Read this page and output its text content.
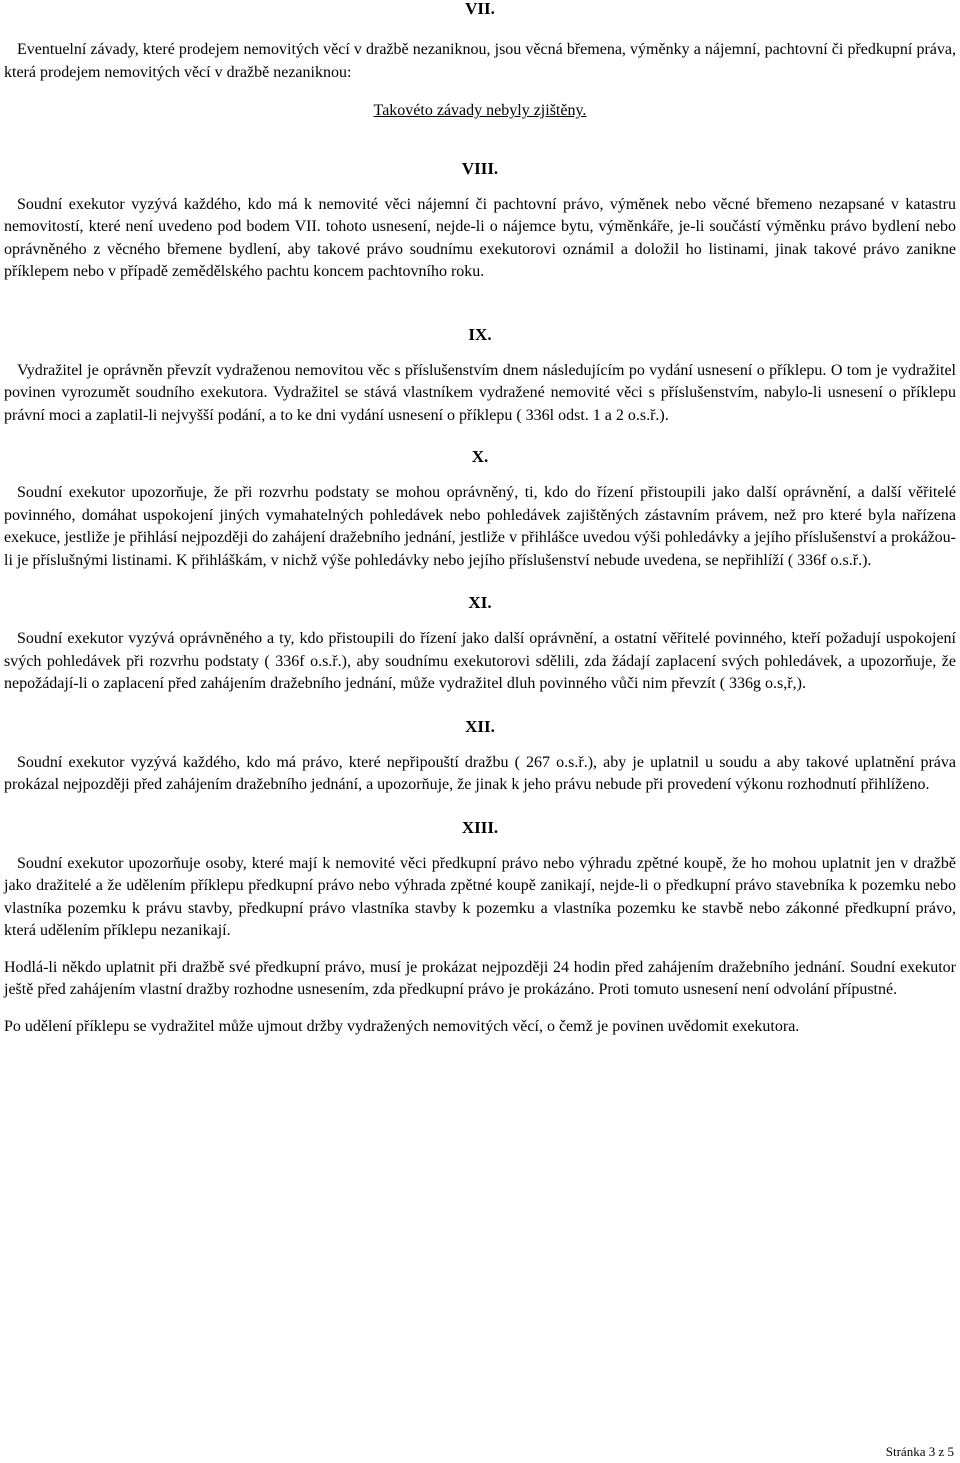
VII.

Eventuelní závady, které prodejem nemovitých věcí v dražbě nezaniknou, jsou věcná břemena, výměnky a nájemní, pachtovní či předkupní práva, která prodejem nemovitých věcí v dražbě nezaniknou:

Takovéto závady nebyly zjištěny.

VIII.

Soudní exekutor vyzývá každého, kdo má k nemovité věci nájemní či pachtovní právo, výměnek nebo věcné břemeno nezapsané v katastru nemovitostí, které není uvedeno pod bodem VII. tohoto usnesení, nejde-li o nájemce bytu, výměnkáře, je-li součástí výměnku právo bydlení nebo oprávněného z věcného břemene bydlení, aby takové právo soudnímu exekutorovi oznámil a doložil ho listinami, jinak takové právo zanikne příklepem nebo v případě zemědělského pachtu koncem pachtovního roku.

IX.

Vydražitel je oprávněn převzít vydraženou nemovitou věc s příslušenstvím dnem následujícím po vydání usnesení o příklepu. O tom je vydražitel povinen vyrozumět soudního exekutora. Vydražitel se stává vlastníkem vydražené nemovité věci s příslušenstvím, nabylo-li usnesení o příklepu právní moci a zaplatil-li nejvyšší podání, a to ke dni vydání usnesení o příklepu ( 336l odst. 1 a 2 o.s.ř.).

X.

Soudní exekutor upozorňuje, že při rozvrhu podstaty se mohou oprávněný, ti, kdo do řízení přistoupili jako další oprávnění, a další věřitelé povinného, domáhat uspokojení jiných vymahatelných pohledávek nebo pohledávek zajištěných zástavním právem, než pro které byla nařízena exekuce, jestliže je přihlásí nejpozději do zahájení dražebního jednání, jestliže v přihlášce uvedou výši pohledávky a jejího příslušenství a prokážou-li je příslušnými listinami. K přihláškám, v nichž výše pohledávky nebo jejího příslušenství nebude uvedena, se nepřihlíží ( 336f o.s.ř.).

XI.

Soudní exekutor vyzývá oprávněného a ty, kdo přistoupili do řízení jako další oprávnění, a ostatní věřitelé povinného, kteří požadují uspokojení svých pohledávek při rozvrhu podstaty ( 336f o.s.ř.), aby soudnímu exekutorovi sdělili, zda žádají zaplacení svých pohledávek, a upozorňuje, že nepožádají-li o zaplacení před zahájením dražebního jednání, může vydražitel dluh povinného vůči nim převzít ( 336g o.s,ř,).

XII.

Soudní exekutor vyzývá každého, kdo má právo, které nepřipouští dražbu ( 267 o.s.ř.), aby je uplatnil u soudu a aby takové uplatnění práva prokázal nejpozději před zahájením dražebního jednání, a upozorňuje, že jinak k jeho právu nebude při provedení výkonu rozhodnutí přihlíženo.

XIII.

Soudní exekutor upozorňuje osoby, které mají k nemovité věci předkupní právo nebo výhradu zpětné koupě, že ho mohou uplatnit jen v dražbě jako dražitelé a že udělením příklepu předkupní právo nebo výhrada zpětné koupě zanikají, nejde-li o předkupní právo stavebníka k pozemku nebo vlastníka pozemku k právu stavby, předkupní právo vlastníka stavby k pozemku a vlastníka pozemku ke stavbě nebo zákonné předkupní právo, která udělením příklepu nezanikají.

Hodlá-li někdo uplatnit při dražbě své předkupní právo, musí je prokázat nejpozději 24 hodin před zahájením dražebního jednání. Soudní exekutor ještě před zahájením vlastní dražby rozhodne usnesením, zda předkupní právo je prokázáno. Proti tomuto usnesení není odvolání přípustné.

Po udělení příklepu se vydražitel může ujmout držby vydražených nemovitých věcí, o čemž je povinen uvědomit exekutora.

Stránka 3 z 5
